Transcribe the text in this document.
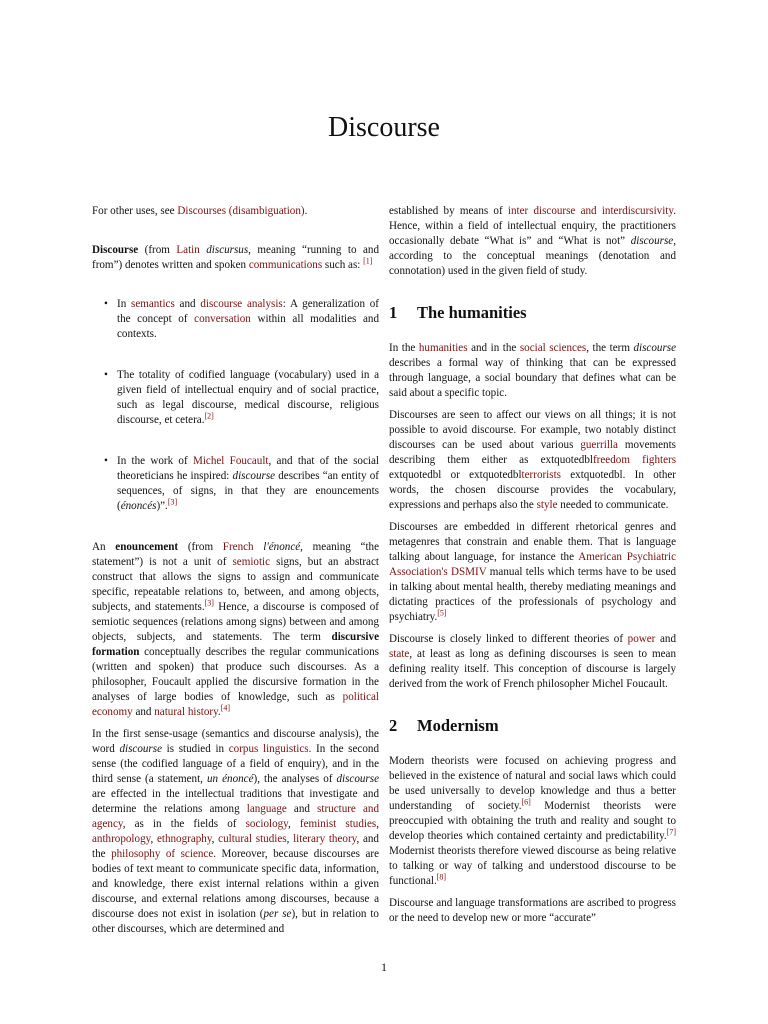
Discourse

For other uses, see Discourses (disambiguation).

Discourse (from Latin discursus, meaning “running to and from”) denotes written and spoken communications such as: [1]

• In semantics and discourse analysis: A generalization of the concept of conversation within all modalities and contexts.
• The totality of codified language (vocabulary) used in a given field of intellectual enquiry and of social practice, such as legal discourse, medical discourse, religious discourse, et cetera.[2]
• In the work of Michel Foucault, and that of the social theoreticians he inspired: discourse describes “an entity of sequences, of signs, in that they are enouncements (énoncés)”.[3]

An enouncement (from French l'énoncé, meaning “the statement”) is not a unit of semiotic signs, but an abstract construct that allows the signs to assign and communicate specific, repeatable relations to, between, and among objects, subjects, and statements.[3] Hence, a discourse is composed of semiotic sequences (relations among signs) between and among objects, subjects, and statements. The term discursive formation conceptually describes the regular communications (written and spoken) that produce such discourses. As a philosopher, Foucault applied the discursive formation in the analyses of large bodies of knowledge, such as political economy and natural history.[4]

In the first sense-usage (semantics and discourse analysis), the word discourse is studied in corpus linguistics. In the second sense (the codified language of a field of enquiry), and in the third sense (a statement, un énoncé), the analyses of discourse are effected in the intellectual traditions that investigate and determine the relations among language and structure and agency, as in the fields of sociology, feminist studies, anthropology, ethnography, cultural studies, literary theory, and the philosophy of science. Moreover, because discourses are bodies of text meant to communicate specific data, information, and knowledge, there exist internal relations within a given discourse, and external relations among discourses, because a discourse does not exist in isolation (per se), but in relation to other discourses, which are determined and

established by means of inter discourse and interdiscursivity. Hence, within a field of intellectual enquiry, the practitioners occasionally debate “What is” and “What is not” discourse, according to the conceptual meanings (denotation and connotation) used in the given field of study.

1 The humanities

In the humanities and in the social sciences, the term discourse describes a formal way of thinking that can be expressed through language, a social boundary that defines what can be said about a specific topic.

Discourses are seen to affect our views on all things; it is not possible to avoid discourse. For example, two notably distinct discourses can be used about various guerrilla movements describing them either as extquotedblfreedom fighters extquotedbl or extquotedblterrorists extquotedbl. In other words, the chosen discourse provides the vocabulary, expressions and perhaps also the style needed to communicate.

Discourses are embedded in different rhetorical genres and metagenres that constrain and enable them. That is language talking about language, for instance the American Psychiatric Association's DSMIV manual tells which terms have to be used in talking about mental health, thereby mediating meanings and dictating practices of the professionals of psychology and psychiatry.[5]

Discourse is closely linked to different theories of power and state, at least as long as defining discourses is seen to mean defining reality itself. This conception of discourse is largely derived from the work of French philosopher Michel Foucault.

2 Modernism

Modern theorists were focused on achieving progress and believed in the existence of natural and social laws which could be used universally to develop knowledge and thus a better understanding of society.[6] Modernist theorists were preoccupied with obtaining the truth and reality and sought to develop theories which contained certainty and predictability.[7] Modernist theorists therefore viewed discourse as being relative to talking or way of talking and understood discourse to be functional.[8]

Discourse and language transformations are ascribed to progress or the need to develop new or more “accurate”

1
